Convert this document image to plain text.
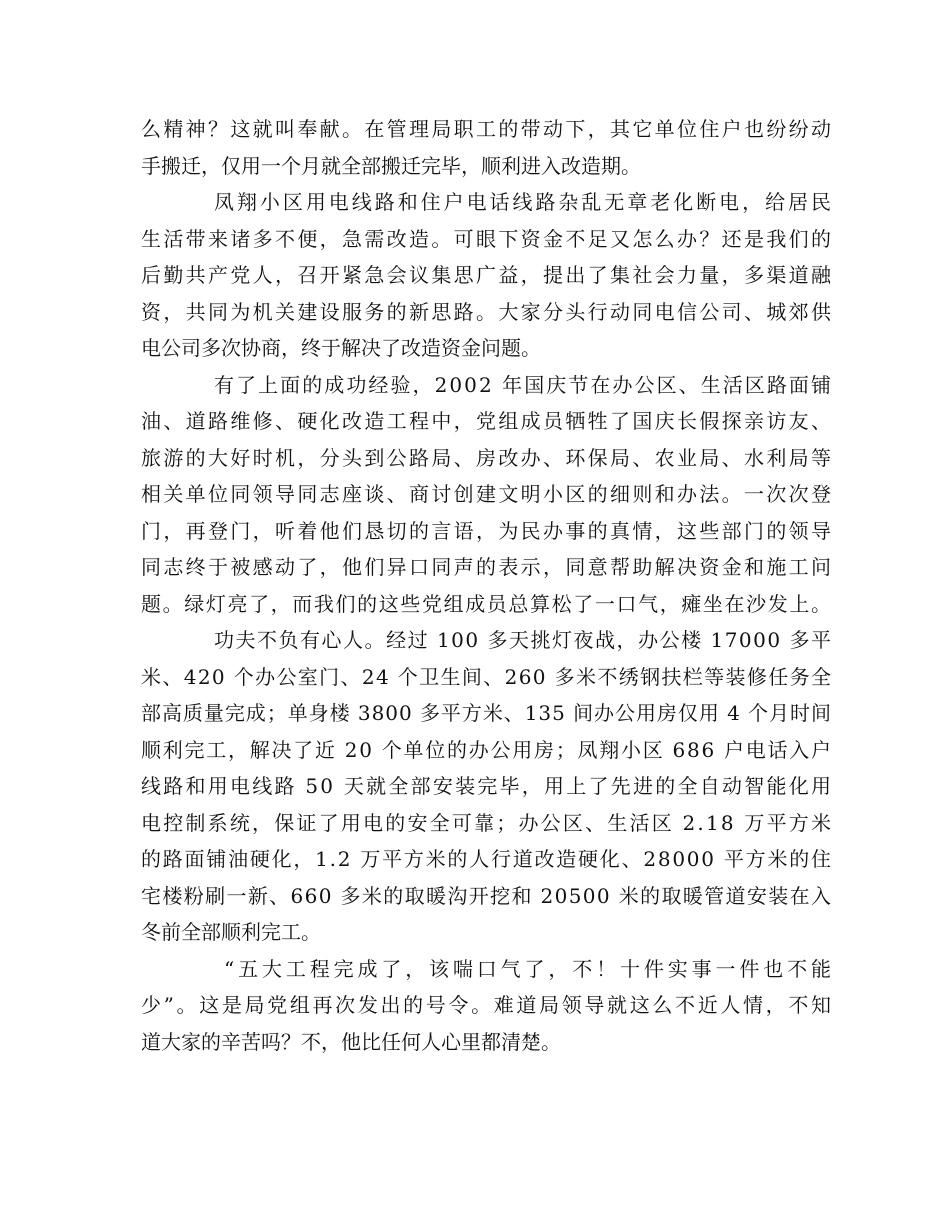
么精神？这就叫奉献。在管理局职工的带动下，其它单位住户也纷纷动
手搬迁，仅用一个月就全部搬迁完毕，顺利进入改造期。
凤翔小区用电线路和住户电话线路杂乱无章老化断电，给居民
生活带来诸多不便，急需改造。可眼下资金不足又怎么办？还是我们的
后勤共产党人，召开紧急会议集思广益，提出了集社会力量，多渠道融
资，共同为机关建设服务的新思路。大家分头行动同电信公司、城郊供
电公司多次协商，终于解决了改造资金问题。
有了上面的成功经验，2002 年国庆节在办公区、生活区路面铺
油、道路维修、硬化改造工程中，党组成员牺牲了国庆长假探亲访友、
旅游的大好时机，分头到公路局、房改办、环保局、农业局、水利局等
相关单位同领导同志座谈、商讨创建文明小区的细则和办法。一次次登
门，再登门，听着他们恳切的言语，为民办事的真情，这些部门的领导
同志终于被感动了，他们异口同声的表示，同意帮助解决资金和施工问
题。绿灯亮了，而我们的这些党组成员总算松了一口气，瘫坐在沙发上。
功夫不负有心人。经过 100 多天挑灯夜战，办公楼 17000 多平
米、420 个办公室门、24 个卫生间、260 多米不绣钢扶栏等装修任务全
部高质量完成；单身楼 3800 多平方米、135 间办公用房仅用 4 个月时间
顺利完工，解决了近 20 个单位的办公用房；凤翔小区 686 户电话入户
线路和用电线路 50 天就全部安装完毕，用上了先进的全自动智能化用
电控制系统，保证了用电的安全可靠；办公区、生活区 2.18 万平方米
的路面铺油硬化，1.2 万平方米的人行道改造硬化、28000 平方米的住
宅楼粉刷一新、660 多米的取暖沟开挖和 20500 米的取暖管道安装在入
冬前全部顺利完工。
“五大工程完成了，该喘口气了，不！十件实事一件也不能
少”。这是局党组再次发出的号令。难道局领导就这么不近人情，不知
道大家的辛苦吗？不，他比任何人心里都清楚。
